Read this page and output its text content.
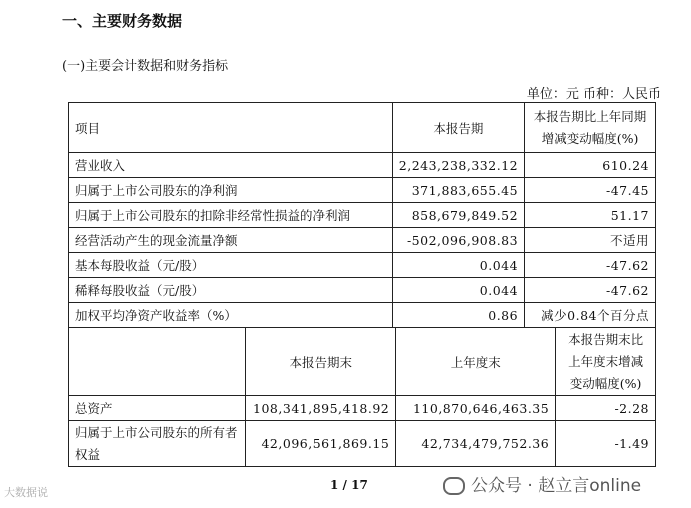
一、主要财务数据
(一)主要会计数据和财务指标
单位：元 币种：人民币
项目	本报告期	本报告期比上年同期增减变动幅度(%)
营业收入	2,243,238,332.12	610.24
归属于上市公司股东的净利润	371,883,655.45	-47.45
归属于上市公司股东的扣除非经常性损益的净利润	858,679,849.52	51.17
经营活动产生的现金流量净额	-502,096,908.83	不适用
基本每股收益（元/股）	0.044	-47.62
稀释每股收益（元/股）	0.044	-47.62
加权平均净资产收益率（%）	0.86	减少0.84个百分点
	本报告期末	上年度末	本报告期末比上年度末增减变动幅度(%)
总资产	108,341,895,418.92	110,870,646,463.35	-2.28
归属于上市公司股东的所有者权益	42,096,561,869.15	42,734,479,752.36	-1.49
1 / 17	公众号 · 赵立言online
大数据说
